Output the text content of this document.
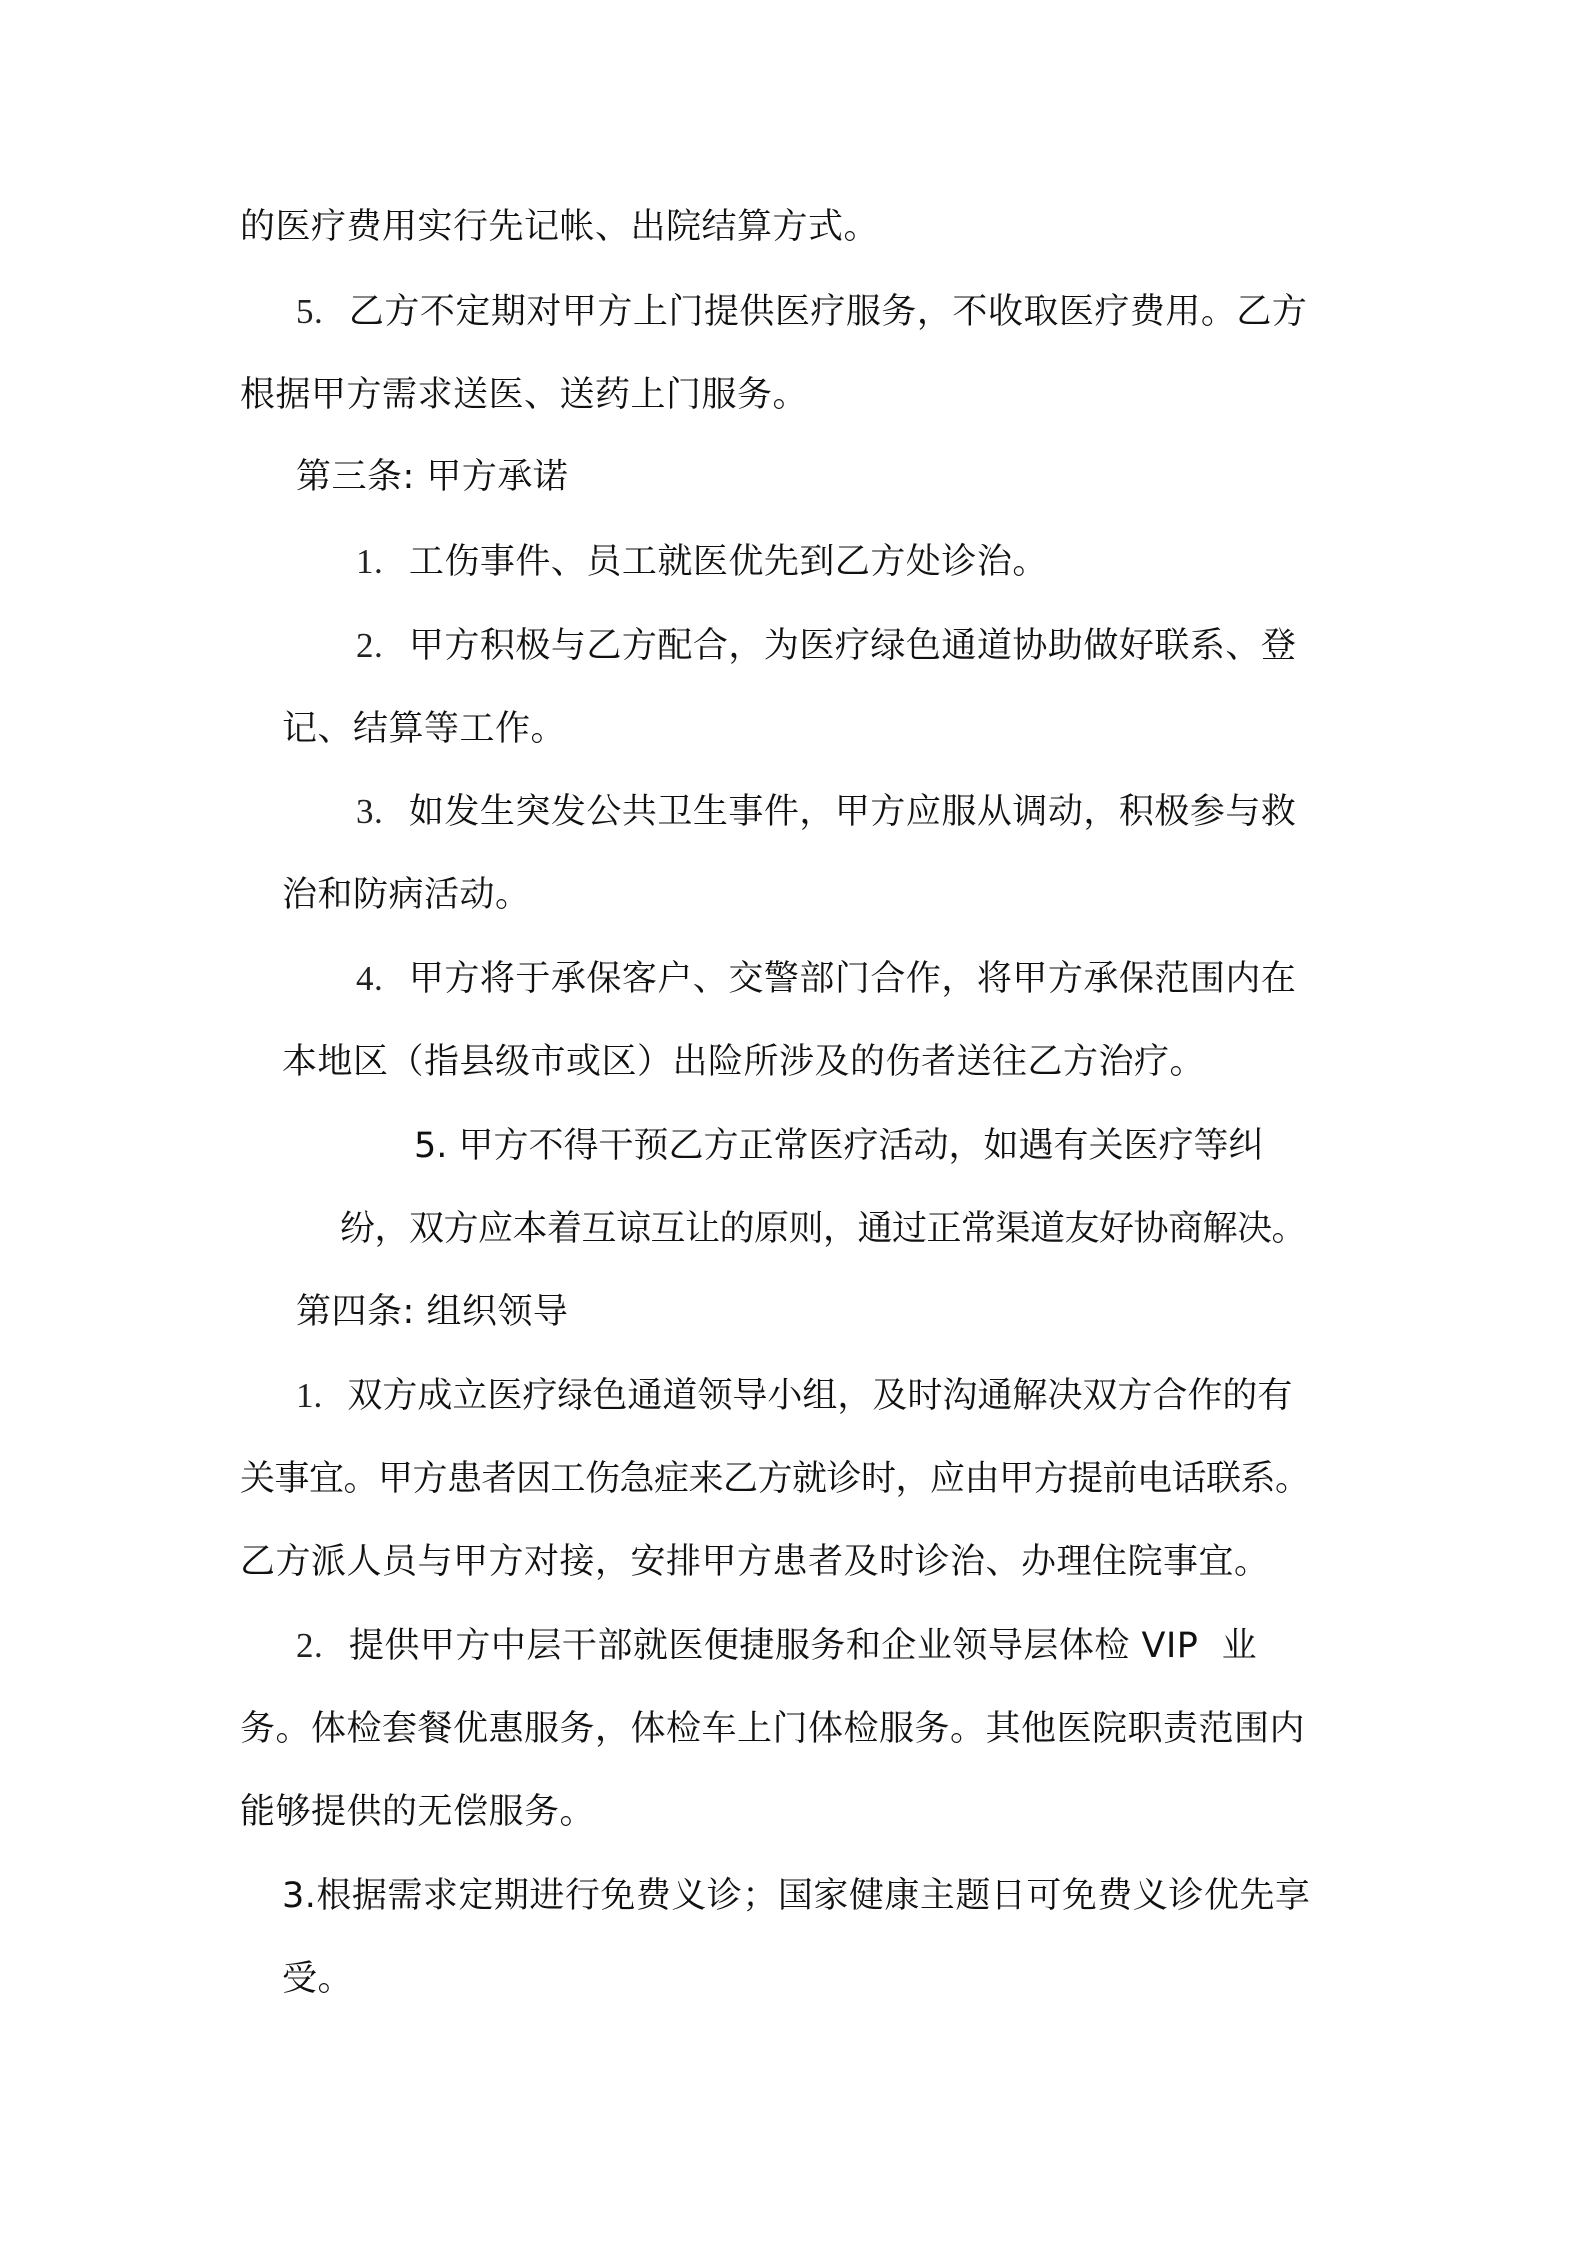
的医疗费用实行先记帐、出院结算方式。

5. 乙方不定期对甲方上门提供医疗服务，不收取医疗费用。乙方

根据甲方需求送医、送药上门服务。

第三条: 甲方承诺

1. 工伤事件、员工就医优先到乙方处诊治。

2. 甲方积极与乙方配合，为医疗绿色通道协助做好联系、登

记、结算等工作。

3. 如发生突发公共卫生事件，甲方应服从调动，积极参与救

治和防病活动。

4. 甲方将于承保客户、交警部门合作，将甲方承保范围内在

本地区（指县级市或区）出险所涉及的伤者送往乙方治疗。

5. 甲方不得干预乙方正常医疗活动，如遇有关医疗等纠

纷，双方应本着互谅互让的原则，通过正常渠道友好协商解决。

第四条: 组织领导

1. 双方成立医疗绿色通道领导小组，及时沟通解决双方合作的有

关事宜。甲方患者因工伤急症来乙方就诊时，应由甲方提前电话联系。

乙方派人员与甲方对接，安排甲方患者及时诊治、办理住院事宜。

2. 提供甲方中层干部就医便捷服务和企业领导层体检 VIP  业

务。体检套餐优惠服务，体检车上门体检服务。其他医院职责范围内

能够提供的无偿服务。

3.根据需求定期进行免费义诊；国家健康主题日可免费义诊优先享

受。
